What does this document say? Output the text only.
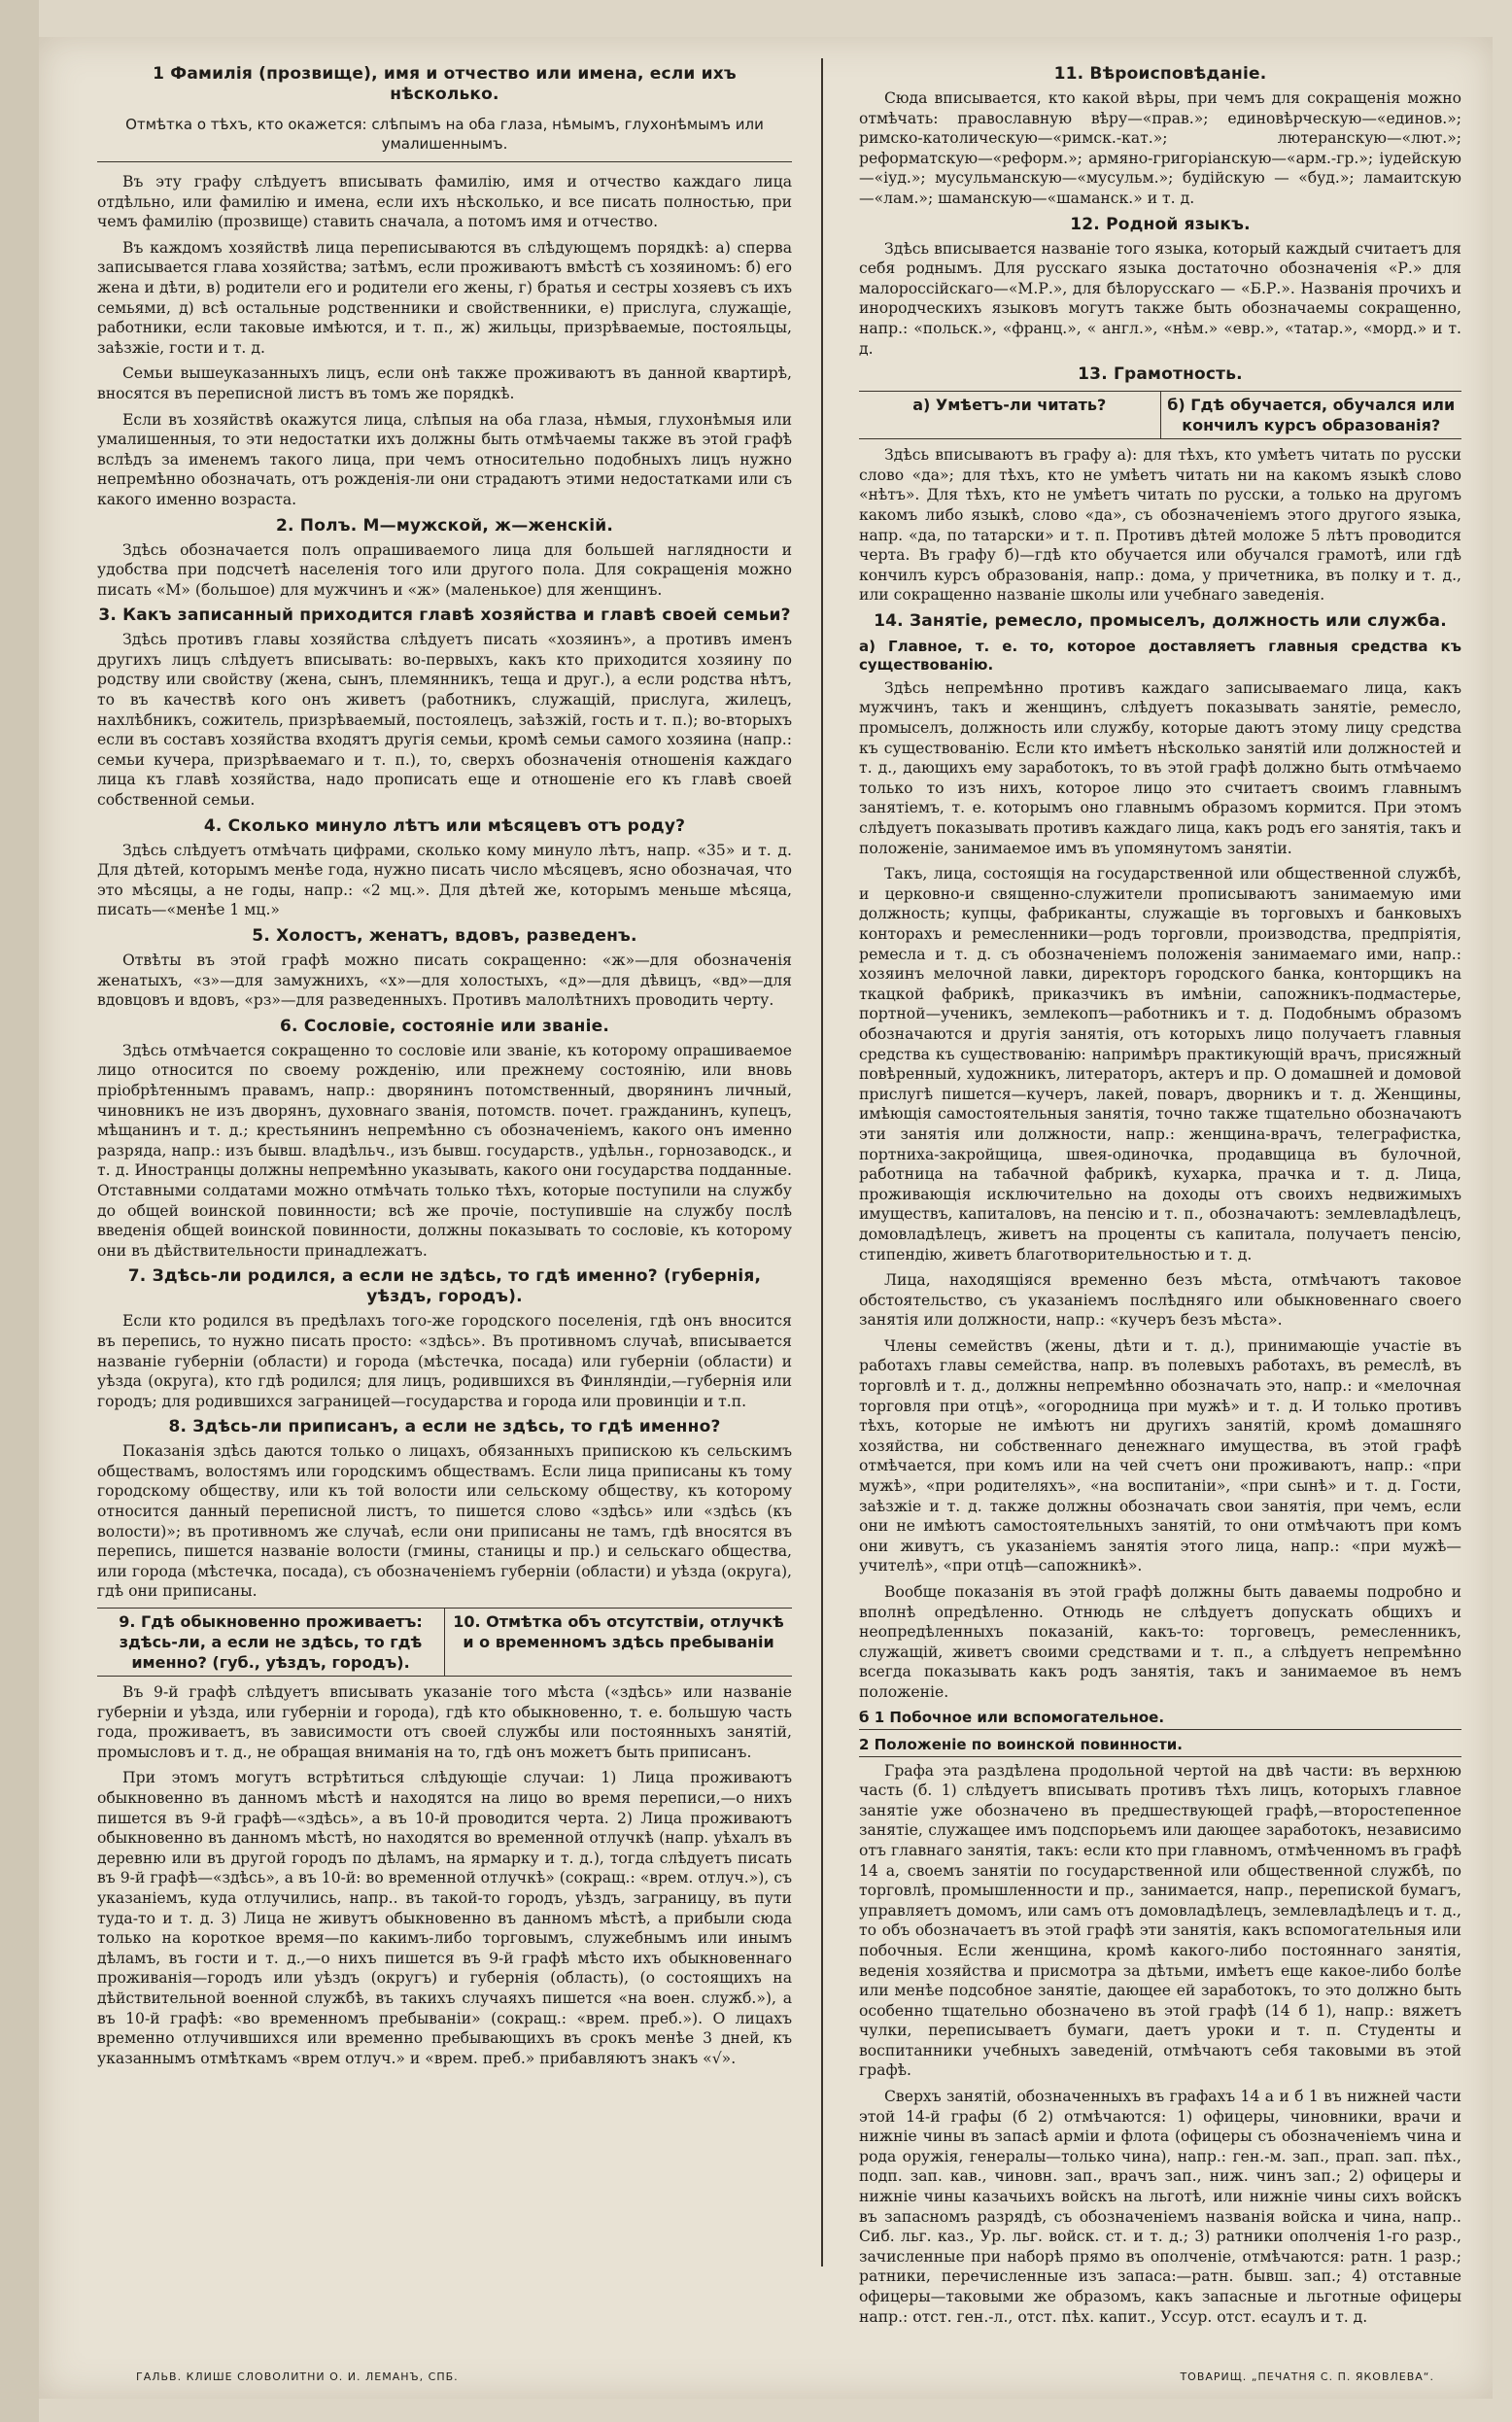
1 Фамилія (прозвище), имя и отчество или имена, если ихъ нѣсколько.
Отмѣтка о тѣхъ, кто окажется: слѣпымъ на оба глаза, нѣмымъ, глухонѣмымъ или умалишеннымъ.

Въ эту графу слѣдуетъ вписывать фамилію, имя и отчество каждаго лица отдѣльно, или фамилію и имена, если ихъ нѣсколько, и все писать полностью, при чемъ фамилію (прозвище) ставить сначала, а потомъ имя и отчество.

Въ каждомъ хозяйствѣ лица переписываются въ слѣдующемъ порядкѣ: а) сперва записывается глава хозяйства; затѣмъ, если проживаютъ вмѣстѣ съ хозяиномъ: б) его жена и дѣти, в) родители его и родители его жены, г) братья и сестры хозяевъ съ ихъ семьями, д) всѣ остальные родственники и свойственники, е) прислуга, служащіе, работники, если таковые имѣются, и т. п., ж) жильцы, призрѣваемые, постояльцы, заѣзжіе, гости и т. д.

Семьи вышеуказанныхъ лицъ, если онѣ также проживаютъ въ данной квартирѣ, вносятся въ переписной листъ въ томъ же порядкѣ.

Если въ хозяйствѣ окажутся лица, слѣпыя на оба глаза, нѣмыя, глухонѣмыя или умалишенныя, то эти недостатки ихъ должны быть отмѣчаемы также въ этой графѣ вслѣдъ за именемъ такого лица, при чемъ относительно подобныхъ лицъ нужно непремѣнно обозначать, отъ рожденія-ли они страдаютъ этими недостатками или съ какого именно возраста.

2. Полъ. М—мужской, ж—женскій.

Здѣсь обозначается полъ опрашиваемого лица для большей наглядности и удобства при подсчетѣ населенія того или другого пола. Для сокращенія можно писать «М» (большое) для мужчинъ и «ж» (маленькое) для женщинъ.

3. Какъ записанный приходится главѣ хозяйства и главѣ своей семьи?

Здѣсь противъ главы хозяйства слѣдуетъ писать «хозяинъ», а противъ именъ другихъ лицъ слѣдуетъ вписывать: во-первыхъ, какъ кто приходится хозяину по родству или свойству (жена, сынъ, племянникъ, теща и друг.), а если родства нѣтъ, то въ качествѣ кого онъ живетъ (работникъ, служащій, прислуга, жилецъ, нахлѣбникъ, сожитель, призрѣваемый, постоялецъ, заѣзжій, гость и т. п.); во-вторыхъ если въ составъ хозяйства входятъ другія семьи, кромѣ семьи самого хозяина (напр.: семьи кучера, призрѣваемаго и т. п.), то, сверхъ обозначенія отношенія каждаго лица къ главѣ хозяйства, надо прописать еще и отношеніе его къ главѣ своей собственной семьи.

4. Сколько минуло лѣтъ или мѣсяцевъ отъ роду?

Здѣсь слѣдуетъ отмѣчать цифрами, сколько кому минуло лѣтъ, напр. «35» и т. д. Для дѣтей, которымъ менѣе года, нужно писать число мѣсяцевъ, ясно обозначая, что это мѣсяцы, а не годы, напр.: «2 мц.». Для дѣтей же, которымъ меньше мѣсяца, писать—«менѣе 1 мц.»

5. Холостъ, женатъ, вдовъ, разведенъ.

Отвѣты въ этой графѣ можно писать сокращенно: «ж»—для обозначенія женатыхъ, «з»—для замужнихъ, «х»—для холостыхъ, «д»—для дѣвицъ, «вд»—для вдовцовъ и вдовъ, «рз»—для разведенныхъ. Противъ малолѣтнихъ проводить черту.

6. Сословіе, состояніе или званіе.

Здѣсь отмѣчается сокращенно то сословіе или званіе, къ которому опрашиваемое лицо относится по своему рожденію, или прежнему состоянію, или вновь пріобрѣтеннымъ правамъ, напр.: дворянинъ потомственный, дворянинъ личный, чиновникъ не изъ дворянъ, духовнаго званія, потомств. почет. гражданинъ, купецъ, мѣщанинъ и т. д.; крестьянинъ непремѣнно съ обозначеніемъ, какого онъ именно разряда, напр.: изъ бывш. владѣльч., изъ бывш. государств., удѣльн., горнозаводск., и т. д. Иностранцы должны непремѣнно указывать, какого они государства подданные. Отставными солдатами можно отмѣчать только тѣхъ, которые поступили на службу до общей воинской повинности; всѣ же прочіе, поступившіе на службу послѣ введенія общей воинской повинности, должны показывать то сословіе, къ которому они въ дѣйствительности принадлежатъ.

7. Здѣсь-ли родился, а если не здѣсь, то гдѣ именно? (губернія, уѣздъ, городъ).

Если кто родился въ предѣлахъ того-же городского поселенія, гдѣ онъ вносится въ перепись, то нужно писать просто: «здѣсь». Въ противномъ случаѣ, вписывается названіе губерніи (области) и города (мѣстечка, посада) или губерніи (области) и уѣзда (округа), кто гдѣ родился; для лицъ, родившихся въ Финляндіи,—губернія или городъ; для родившихся заграницей—государства и города или провинціи и т.п.

8. Здѣсь-ли приписанъ, а если не здѣсь, то гдѣ именно?

Показанія здѣсь даются только о лицахъ, обязанныхъ припискою къ сельскимъ обществамъ, волостямъ или городскимъ обществамъ. Если лица приписаны къ тому городскому обществу, или къ той волости или сельскому обществу, къ которому относится данный переписной листъ, то пишется слово «здѣсь» или «здѣсь (къ волости)»; въ противномъ же случаѣ, если они приписаны не тамъ, гдѣ вносятся въ перепись, пишется названіе волости (гмины, станицы и пр.) и сельскаго общества, или города (мѣстечка, посада), съ обозначеніемъ губерніи (области) и уѣзда (округа), гдѣ они приписаны.

9. Гдѣ обыкновенно проживаетъ: здѣсь-ли, а если не здѣсь, то гдѣ именно? (губ., уѣздъ, городъ).
10. Отмѣтка объ отсутствіи, отлучкѣ и о временномъ здѣсь пребываніи

Въ 9-й графѣ слѣдуетъ вписывать указаніе того мѣста («здѣсь» или названіе губерніи и уѣзда, или губерніи и города), гдѣ кто обыкновенно, т. е. большую часть года, проживаетъ, въ зависимости отъ своей службы или постоянныхъ занятій, промысловъ и т. д., не обращая вниманія на то, гдѣ онъ можетъ быть приписанъ.

При этомъ могутъ встрѣтиться слѣдующіе случаи: 1) Лица проживаютъ обыкновенно въ данномъ мѣстѣ и находятся на лицо во время переписи,—о нихъ пишется въ 9-й графѣ—«здѣсь», а въ 10-й проводится черта. 2) Лица проживаютъ обыкновенно въ данномъ мѣстѣ, но находятся во временной отлучкѣ (напр. уѣхалъ въ деревню или въ другой городъ по дѣламъ, на ярмарку и т. д.), тогда слѣдуетъ писать въ 9-й графѣ—«здѣсь», а въ 10-й: во временной отлучкѣ» (сокращ.: «врем. отлуч.»), съ указаніемъ, куда отлучились, напр.. въ такой-то городъ, уѣздъ, заграницу, въ пути туда-то и т. д. 3) Лица не живутъ обыкновенно въ данномъ мѣстѣ, а прибыли сюда только на короткое время—по какимъ-либо торговымъ, служебнымъ или инымъ дѣламъ, въ гости и т. д.,—о нихъ пишется въ 9-й графѣ мѣсто ихъ обыкновеннаго проживанія—городъ или уѣздъ (округъ) и губернія (область), (о состоящихъ на дѣйствительной военной службѣ, въ такихъ случаяхъ пишется «на воен. служб.»), а въ 10-й графѣ: «во временномъ пребываніи» (сокращ.: «врем. преб.»). О лицахъ временно отлучившихся или временно пребывающихъ въ срокъ менѣе 3 дней, къ указаннымъ отмѣткамъ «врем отлуч.» и «врем. преб.» прибавляютъ знакъ «√».

11. Вѣроисповѣданіе.

Сюда вписывается, кто какой вѣры, при чемъ для сокращенія можно отмѣчать: православную вѣру—«прав.»; единовѣрческую—«единов.»; римско-католическую—«римск.-кат.»; лютеранскую—«лют.»; реформатскую—«реформ.»; армяно-григоріанскую—«арм.-гр.»; іудейскую—«іуд.»; мусульманскую—«мусульм.»; будійскую — «буд.»; ламаитскую—«лам.»; шаманскую—«шаманск.» и т. д.

12. Родной языкъ.

Здѣсь вписывается названіе того языка, который каждый считаетъ для себя роднымъ. Для русскаго языка достаточно обозначенія «Р.» для малороссійскаго—«М.Р.», для бѣлорусскаго — «Б.Р.». Названія прочихъ и инородческихъ языковъ могутъ также быть обозначаемы сокращенно, напр.: «польск.», «франц.», « англ.», «нѣм.» «евр.», «татар.», «морд.» и т. д.

13. Грамотность.
а) Умѣетъ-ли читать?	б) Гдѣ обучается, обучался или кончилъ курсъ образованія?

Здѣсь вписываютъ въ графу а): для тѣхъ, кто умѣетъ читать по русски слово «да»; для тѣхъ, кто не умѣетъ читать ни на какомъ языкѣ слово «нѣтъ». Для тѣхъ, кто не умѣетъ читать по русски, а только на другомъ какомъ либо языкѣ, слово «да», съ обозначеніемъ этого другого языка, напр. «да, по татарски» и т. п. Противъ дѣтей моложе 5 лѣтъ проводится черта. Въ графу б)—гдѣ кто обучается или обучался грамотѣ, или гдѣ кончилъ курсъ образованія, напр.: дома, у причетника, въ полку и т. д., или сокращенно названіе школы или учебнаго заведенія.

14. Занятіе, ремесло, промыселъ, должность или служба.
а) Главное, т. е. то, которое доставляетъ главныя средства къ существованію.

Здѣсь непремѣнно противъ каждаго записываемаго лица, какъ мужчинъ, такъ и женщинъ, слѣдуетъ показывать занятіе, ремесло, промыселъ, должность или службу, которые даютъ этому лицу средства къ существованію. Если кто имѣетъ нѣсколько занятій или должностей и т. д., дающихъ ему заработокъ, то въ этой графѣ должно быть отмѣчаемо только то изъ нихъ, которое лицо это считаетъ своимъ главнымъ занятіемъ, т. е. которымъ оно главнымъ образомъ кормится. При этомъ слѣдуетъ показывать противъ каждаго лица, какъ родъ его занятія, такъ и положеніе, занимаемое имъ въ упомянутомъ занятіи.

Такъ, лица, состоящія на государственной или общественной службѣ, и церковно-и священно-служители прописываютъ занимаемую ими должность; купцы, фабриканты, служащіе въ торговыхъ и банковыхъ конторахъ и ремесленники—родъ торговли, производства, предпріятія, ремесла и т. д. съ обозначеніемъ положенія занимаемаго ими, напр.: хозяинъ мелочной лавки, директоръ городского банка, конторщикъ на ткацкой фабрикѣ, приказчикъ въ имѣніи, сапожникъ-подмастерье, портной—ученикъ, землекопъ—работникъ и т. д. Подобнымъ образомъ обозначаются и другія занятія, отъ которыхъ лицо получаетъ главныя средства къ существованію: напримѣръ практикующій врачъ, присяжный повѣренный, художникъ, литераторъ, актеръ и пр. О домашней и домовой прислугѣ пишется—кучеръ, лакей, поваръ, дворникъ и т. д. Женщины, имѣющія самостоятельныя занятія, точно также тщательно обозначаютъ эти занятія или должности, напр.: женщина-врачъ, телеграфистка, портниха-закройщица, швея-одиночка, продавщица въ булочной, работница на табачной фабрикѣ, кухарка, прачка и т. д. Лица, проживающія исключительно на доходы отъ своихъ недвижимыхъ имуществъ, капиталовъ, на пенсію и т. п., обозначаютъ: землевладѣлецъ, домовладѣлецъ, живетъ на проценты съ капитала, получаетъ пенсію, стипендію, живетъ благотворительностью и т. д.

Лица, находящіяся временно безъ мѣста, отмѣчаютъ таковое обстоятельство, съ указаніемъ послѣдняго или обыкновеннаго своего занятія или должности, напр.: «кучеръ безъ мѣста».

Члены семействъ (жены, дѣти и т. д.), принимающіе участіе въ работахъ главы семейства, напр. въ полевыхъ работахъ, въ ремеслѣ, въ торговлѣ и т. д., должны непремѣнно обозначать это, напр.: и «мелочная торговля при отцѣ», «огородница при мужѣ» и т. д. И только противъ тѣхъ, которые не имѣютъ ни другихъ занятій, кромѣ домашняго хозяйства, ни собственнаго денежнаго имущества, въ этой графѣ отмѣчается, при комъ или на чей счетъ они проживаютъ, напр.: «при мужѣ», «при родителяхъ», «на воспитаніи», «при сынѣ» и т. д. Гости, заѣзжіе и т. д. также должны обозначать свои занятія, при чемъ, если они не имѣютъ самостоятельныхъ занятій, то они отмѣчаютъ при комъ они живутъ, съ указаніемъ занятія этого лица, напр.: «при мужѣ—учителѣ», «при отцѣ—сапожникѣ».

Вообще показанія въ этой графѣ должны быть даваемы подробно и вполнѣ опредѣленно. Отнюдь не слѣдуетъ допускать общихъ и неопредѣленныхъ показаній, какъ-то: торговецъ, ремесленникъ, служащій, живетъ своими средствами и т. п., а слѣдуетъ непремѣнно всегда показывать какъ родъ занятія, такъ и занимаемое въ немъ положеніе.

б 1 Побочное или вспомогательное.
2 Положеніе по воинской повинности.

Графа эта раздѣлена продольной чертой на двѣ части: въ верхнюю часть (б. 1) слѣдуетъ вписывать противъ тѣхъ лицъ, которыхъ главное занятіе уже обозначено въ предшествующей графѣ,—второстепенное занятіе, служащее имъ подспорьемъ или дающее заработокъ, независимо отъ главнаго занятія, такъ: если кто при главномъ, отмѣченномъ въ графѣ 14 а, своемъ занятіи по государственной или общественной службѣ, по торговлѣ, промышленности и пр., занимается, напр., перепиской бумагъ, управляетъ домомъ, или самъ отъ домовладѣлецъ, землевладѣлецъ и т. д., то объ обозначаетъ въ этой графѣ эти занятія, какъ вспомогательныя или побочныя. Если женщина, кромѣ какого-либо постояннаго занятія, веденія хозяйства и присмотра за дѣтьми, имѣетъ еще какое-либо болѣе или менѣе подсобное занятіе, дающее ей заработокъ, то это должно быть особенно тщательно обозначено въ этой графѣ (14 б 1), напр.: вяжетъ чулки, переписываетъ бумаги, даетъ уроки и т. п. Студенты и воспитанники учебныхъ заведеній, отмѣчаютъ себя таковыми въ этой графѣ.

Сверхъ занятій, обозначенныхъ въ графахъ 14 а и б 1 въ нижней части этой 14-й графы (б 2) отмѣчаются: 1) офицеры, чиновники, врачи и нижніе чины въ запасѣ арміи и флота (офицеры съ обозначеніемъ чина и рода оружія, генералы—только чина), напр.: ген.-м. зап., прап. зап. пѣх., подп. зап. кав., чиновн. зап., врачъ зап., ниж. чинъ зап.; 2) офицеры и нижніе чины казачьихъ войскъ на льготѣ, или нижніе чины сихъ войскъ въ запасномъ разрядѣ, съ обозначеніемъ названія войска и чина, напр.. Сиб. льг. каз., Ур. льг. войск. ст. и т. д.; 3) ратники ополченія 1-го разр., зачисленные при наборѣ прямо въ ополченіе, отмѣчаются: ратн. 1 разр.; ратники, перечисленные изъ запаса:—ратн. бывш. зап.; 4) отставные офицеры—таковыми же образомъ, какъ запасные и льготные офицеры напр.: отст. ген.-л., отст. пѣх. капит., Уссур. отст. есаулъ и т. д.

ГАЛЬВ. КЛИШЕ СЛОВОЛИТНИ О. И. ЛЕМАНЪ, СПБ.	ТОВАРИЩ. „ПЕЧАТНЯ С. П. ЯКОВЛЕВА“.
